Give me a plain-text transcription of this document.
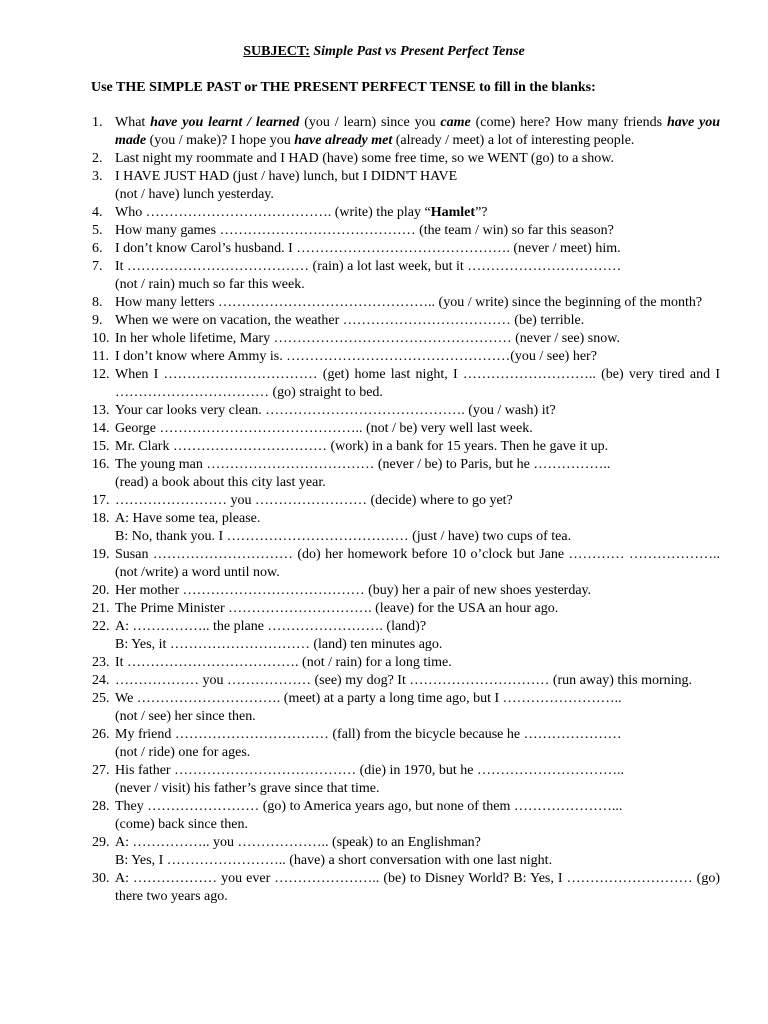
SUBJECT: Simple Past vs Present Perfect Tense
Use THE SIMPLE PAST or THE PRESENT PERFECT TENSE to fill in the blanks:
1. What have you learnt / learned (you / learn) since you came (come) here? How many friends have you made (you / make)? I hope you have already met (already / meet) a lot of interesting people.
2. Last night my roommate and I HAD (have) some free time, so we WENT (go) to a show.
3. I HAVE JUST HAD (just / have) lunch, but I DIDN'T HAVE
(not / have) lunch yesterday.
4. Who …………………………………. (write) the play “Hamlet”?
5. How many games …………………………………… (the team / win) so far this season?
6. I don’t know Carol’s husband. I ………………………………………. (never / meet) him.
7. It ………………………………… (rain) a lot last week, but it ……………………………
(not / rain) much so far this week.
8. How many letters ……………………………………….. (you / write) since the beginning of the month?
9. When we were on vacation, the weather ……………………………… (be) terrible.
10. In her whole lifetime, Mary …………………………………………… (never / see) snow.
11. I don’t know where Ammy is. …………………………………………(you / see) her?
12. When I …………………………… (get) home last night, I ……………………….. (be) very tired and I …………………………… (go) straight to bed.
13. Your car looks very clean. ……………………………………. (you / wash) it?
14. George …………………………………….. (not / be) very well last week.
15. Mr. Clark …………………………… (work) in a bank for 15 years. Then he gave it up.
16. The young man ……………………………… (never / be) to Paris, but he ……………..
(read) a book about this city last year.
17. …………………… you …………………… (decide) where to go yet?
18. A: Have some tea, please.
B: No, thank you. I ………………………………… (just / have) two cups of tea.
19. Susan ………………………… (do) her homework before 10 o’clock but Jane ………… ……………….. (not /write) a word until now.
20. Her mother ………………………………… (buy) her a pair of new shoes yesterday.
21. The Prime Minister …………………………. (leave) for the USA an hour ago.
22. A: …………….. the plane ……………………. (land)?
B: Yes, it ………………………… (land) ten minutes ago.
23. It ………………………………. (not / rain) for a long time.
24. ……………… you ……………… (see) my dog? It ………………………… (run away) this morning.
25. We …………………………. (meet) at a party a long time ago, but I ……………………..
(not / see) her since then.
26. My friend …………………………… (fall) from the bicycle because he …………………
(not / ride) one for ages.
27. His father ………………………………… (die) in 1970, but he …………………………..
(never / visit) his father’s grave since that time.
28. They …………………… (go) to America years ago, but none of them …………………...
(come) back since then.
29. A: …………….. you ……………….. (speak) to an Englishman?
B: Yes, I …………………….. (have) a short conversation with one last night.
30. A: ……………… you ever ………………….. (be) to Disney World? B: Yes, I ……………………… (go) there two years ago.
